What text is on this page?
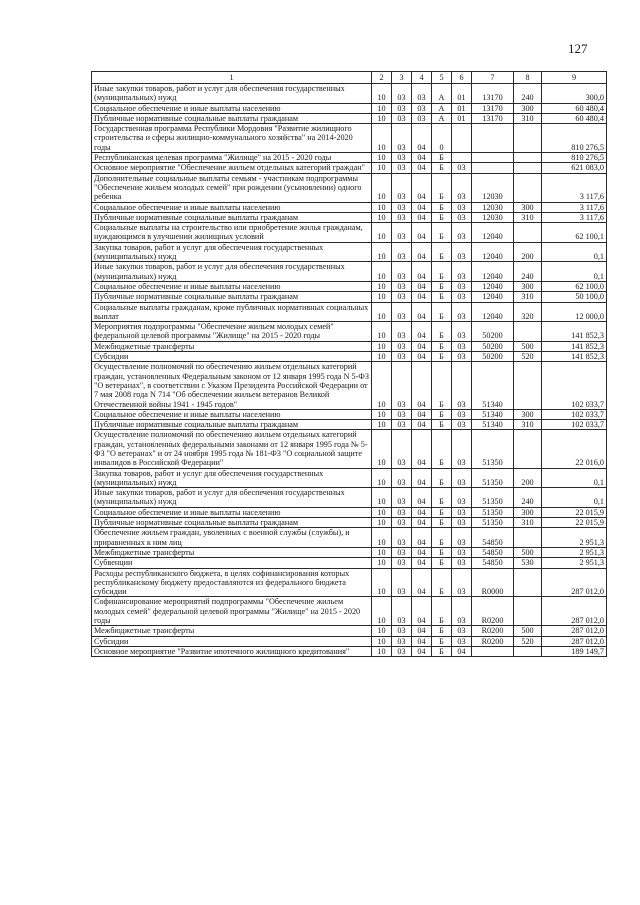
127
1	2	3	4	5	6	7	8	9
Иные закупки товаров, работ и услуг для обеспечения государственных (муниципальных) нужд	10	03	03	А	01	13170	240	300,0
Социальное обеспечение и иные выплаты населению	10	03	03	А	01	13170	300	60 480,4
Публичные нормативные социальные выплаты гражданам	10	03	03	А	01	13170	310	60 480,4
Государственная программа Республики Мордовия "Развитие жилищного строительства и сферы жилищно-коммунального хозяйства" на 2014-2020 годы	10	03	04	0				810 276,5
Республиканская целевая программа "Жилище" на 2015 - 2020 годы	10	03	04	Б				810 276,5
Основное мероприятие "Обеспечение жильем отдельных категорий граждан"	10	03	04	Б	03			621 083,0
Дополнительные социальные выплаты семьям - участникам подпрограммы "Обеспечение жильем молодых семей" при рождении (усыновлении) одного ребенка	10	03	04	Б	03	12030		3 117,6
Социальное обеспечение и иные выплаты населению	10	03	04	Б	03	12030	300	3 117,6
Публичные нормативные социальные выплаты гражданам	10	03	04	Б	03	12030	310	3 117,6
Социальные выплаты на строительство или приобретение жилья гражданам, нуждающимся в улучшении жилищных условий	10	03	04	Б	03	12040		62 100,1
Закупка товаров, работ и услуг для обеспечения государственных (муниципальных) нужд	10	03	04	Б	03	12040	200	0,1
Иные закупки товаров, работ и услуг для обеспечения государственных (муниципальных) нужд	10	03	04	Б	03	12040	240	0,1
Социальное обеспечение и иные выплаты населению	10	03	04	Б	03	12040	300	62 100,0
Публичные нормативные социальные выплаты гражданам	10	03	04	Б	03	12040	310	50 100,0
Социальные выплаты гражданам, кроме публичных нормативных социальных выплат	10	03	04	Б	03	12040	320	12 000,0
Мероприятия подпрограммы "Обеспечение жильем молодых семей" федеральной целевой программы "Жилище" на 2015 - 2020 годы	10	03	04	Б	03	50200		141 852,3
Межбюджетные трансферты	10	03	04	Б	03	50200	500	141 852,3
Субсидии	10	03	04	Б	03	50200	520	141 852,3
Осуществление полномочий по обеспечению жильем отдельных категорий граждан, установленных Федеральным законом от 12 января 1995 года N 5-ФЗ "О ветеранах", в соответствии с Указом Президента Российской Федерации от 7 мая 2008 года N 714 "Об обеспечении жильем ветеранов Великой Отечественной войны 1941 - 1945 годов"	10	03	04	Б	03	51340		102 033,7
Социальное обеспечение и иные выплаты населению	10	03	04	Б	03	51340	300	102 033,7
Публичные нормативные социальные выплаты гражданам	10	03	04	Б	03	51340	310	102 033,7
Осуществление полномочий по обеспечению жильем отдельных категорий граждан, установленных федеральными законами от 12 января 1995 года № 5-ФЗ "О ветеранах" и от 24 ноября 1995 года № 181-ФЗ "О социальной защите инвалидов в Российской Федерации"	10	03	04	Б	03	51350		22 016,0
Закупка товаров, работ и услуг для обеспечения государственных (муниципальных) нужд	10	03	04	Б	03	51350	200	0,1
Иные закупки товаров, работ и услуг для обеспечения государственных (муниципальных) нужд	10	03	04	Б	03	51350	240	0,1
Социальное обеспечение и иные выплаты населению	10	03	04	Б	03	51350	300	22 015,9
Публичные нормативные социальные выплаты гражданам	10	03	04	Б	03	51350	310	22 015,9
Обеспечение жильем граждан, уволенных с военной службы (службы), и приравненных к ним лиц	10	03	04	Б	03	54850		2 951,3
Межбюджетные трансферты	10	03	04	Б	03	54850	500	2 951,3
Субвенции	10	03	04	Б	03	54850	530	2 951,3
Расходы республиканского бюджета, в целях софинансирования которых республиканскому бюджету предоставляются из федерального бюджета субсидии	10	03	04	Б	03	R0000		287 012,0
Софинансирование мероприятий подпрограммы "Обеспечение жильем молодых семей" федеральной целевой программы "Жилище" на 2015 - 2020 годы	10	03	04	Б	03	R0200		287 012,0
Межбюджетные трансферты	10	03	04	Б	03	R0200	500	287 012,0
Субсидии	10	03	04	Б	03	R0200	520	287 012,0
Основное мероприятие "Развитие ипотечного жилищного кредитования"	10	03	04	Б	04			189 149,7
